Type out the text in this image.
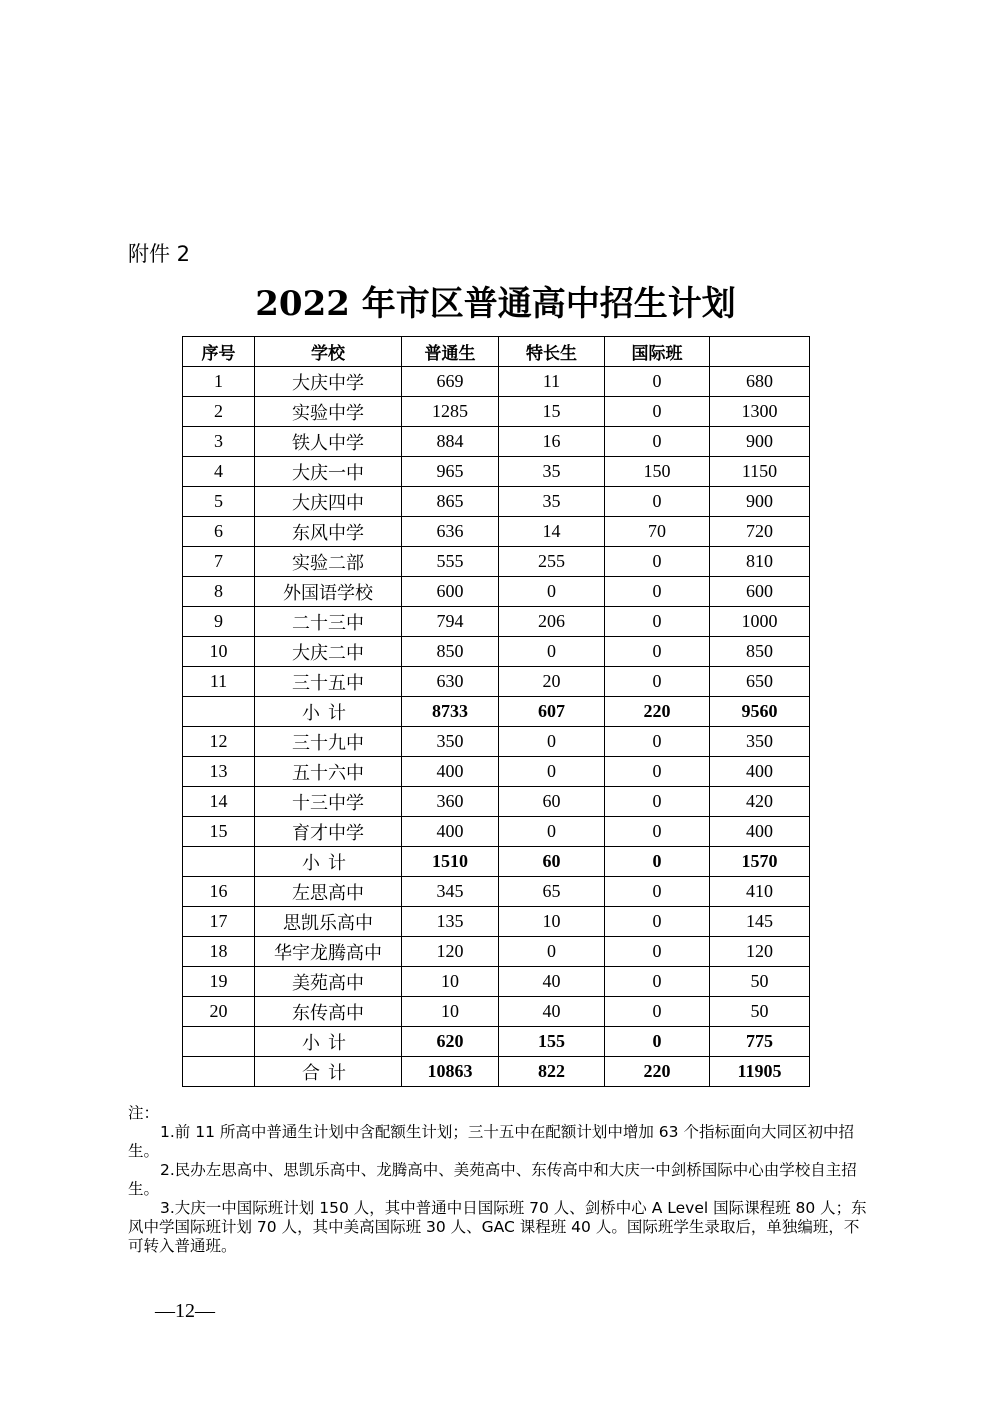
附件 2
2022 年市区普通高中招生计划
序号	学校	普通生	特长生	国际班	
1	大庆中学	669	11	0	680
2	实验中学	1285	15	0	1300
3	铁人中学	884	16	0	900
4	大庆一中	965	35	150	1150
5	大庆四中	865	35	0	900
6	东风中学	636	14	70	720
7	实验二部	555	255	0	810
8	外国语学校	600	0	0	600
9	二十三中	794	206	0	1000
10	大庆二中	850	0	0	850
11	三十五中	630	20	0	650
	小计	8733	607	220	9560
12	三十九中	350	0	0	350
13	五十六中	400	0	0	400
14	十三中学	360	60	0	420
15	育才中学	400	0	0	400
	小计	1510	60	0	1570
16	左思高中	345	65	0	410
17	思凯乐高中	135	10	0	145
18	华宇龙腾高中	120	0	0	120
19	美苑高中	10	40	0	50
20	东传高中	10	40	0	50
	小计	620	155	0	775
	合计	10863	822	220	11905

注：

1.前 11 所高中普通生计划中含配额生计划；三十五中在配额计划中增加 63 个指标面向大同区初中招生。

2.民办左思高中、思凯乐高中、龙腾高中、美苑高中、东传高中和大庆一中剑桥国际中心由学校自主招生。

3.大庆一中国际班计划 150 人，其中普通中日国际班 70 人、剑桥中心 A Level 国际课程班 80 人；东风中学国际班计划 70 人，其中美高国际班 30 人、GAC 课程班 40 人。国际班学生录取后，单独编班，不可转入普通班。

—12—
